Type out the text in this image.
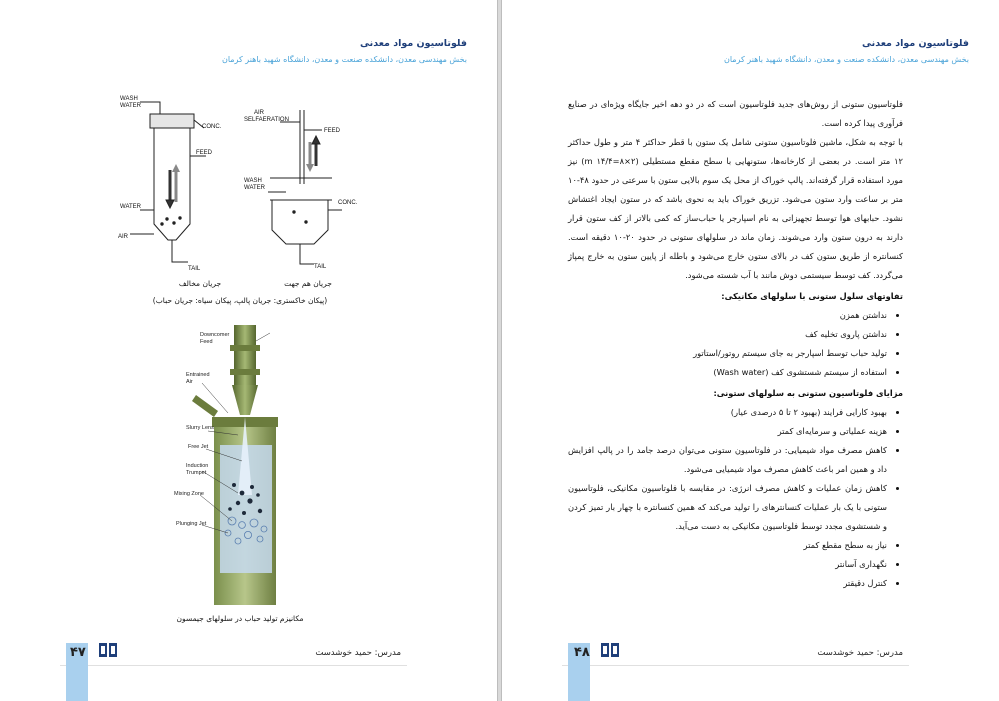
فلوتاسیون مواد معدنی
بخش مهندسی معدن، دانشکده صنعت و معدن، دانشگاه شهید باهنر کرمان
WASH
WATER
CONC.
FEED
WATER
AIR
TAIL
AIR
SELFAERATION
FEED
WASH
WATER
CONC.
TAIL
جریان مخالف	جریان هم جهت
(پیکان خاکستری: جریان پالپ، پیکان سیاه: جریان حباب)
Downcomer
Feed
Entrained
Air
Slurry Lens
Free Jet
Induction
Trumpet
Mixing Zone
Plunging Jet
مکانیزم تولید حباب در سلولهای جیمسون
۴۷	مدرس: حمید خوشدست
فلوتاسیون مواد معدنی
بخش مهندسی معدن، دانشکده صنعت و معدن، دانشگاه شهید باهنر کرمان

فلوتاسیون ستونی از روش‌های جدید فلوتاسیون است که در دو دهه اخیر جایگاه ویژه‌ای در صنایع فرآوری پیدا کرده است.

با توجه به شکل، ماشین فلوتاسیون ستونی شامل یک ستون با قطر حداکثر ۴ متر و طول حداکثر ۱۲ متر است. در بعضی از کارخانه‌ها، ستونهایی با سطح مقطع مستطیلی (۲×۸=۱۴/۴ m) نیز مورد استفاده قرار گرفته‌اند. پالپ خوراک از محل یک سوم بالایی ستون با سرعتی در حدود ۴۸-۱۰ متر بر ساعت وارد ستون می‌شود. تزریق خوراک باید به نحوی باشد که در ستون ایجاد اغتشاش نشود. حبابهای هوا توسط تجهیزاتی به نام اسپارجر یا حباب‌ساز که کمی بالاتر از کف ستون قرار دارند به درون ستون وارد می‌شوند. زمان ماند در سلولهای ستونی در حدود ۲۰-۱۰ دقیقه است. کنسانتره از طریق ستون کف در بالای ستون خارج می‌شود و باطله از پایین ستون به خارج پمپاژ می‌گردد. کف توسط سیستمی دوش مانند با آب شسته می‌شود.

تفاوتهای سلول ستونی با سلولهای مکانیکی:

• نداشتن همزن
• نداشتن پاروی تخلیه کف
• تولید حباب توسط اسپارجر به جای سیستم روتور/استاتور
• استفاده از سیستم شستشوی کف (Wash water)

مزایای فلوتاسیون ستونی به سلولهای ستونی:

• بهبود کارایی فرایند (بهبود ۲ تا ۵ درصدی عیار)
• هزینه عملیاتی و سرمایه‌ای کمتر
• کاهش مصرف مواد شیمیایی: در فلوتاسیون ستونی می‌توان درصد جامد را در پالپ افزایش داد و همین امر باعث کاهش مصرف مواد شیمیایی می‌شود.
• کاهش زمان عملیات و کاهش مصرف انرژی: در مقایسه با فلوتاسیون مکانیکی، فلوتاسیون ستونی با یک بار عملیات کنسانترهای را تولید می‌کند که همین کنسانتره با چهار بار تمیز کردن و شستشوی مجدد توسط فلوتاسیون مکانیکی به دست می‌آید.
• نیاز به سطح مقطع کمتر
• نگهداری آسانتر
• کنترل دقیقتر
۴۸	مدرس: حمید خوشدست
